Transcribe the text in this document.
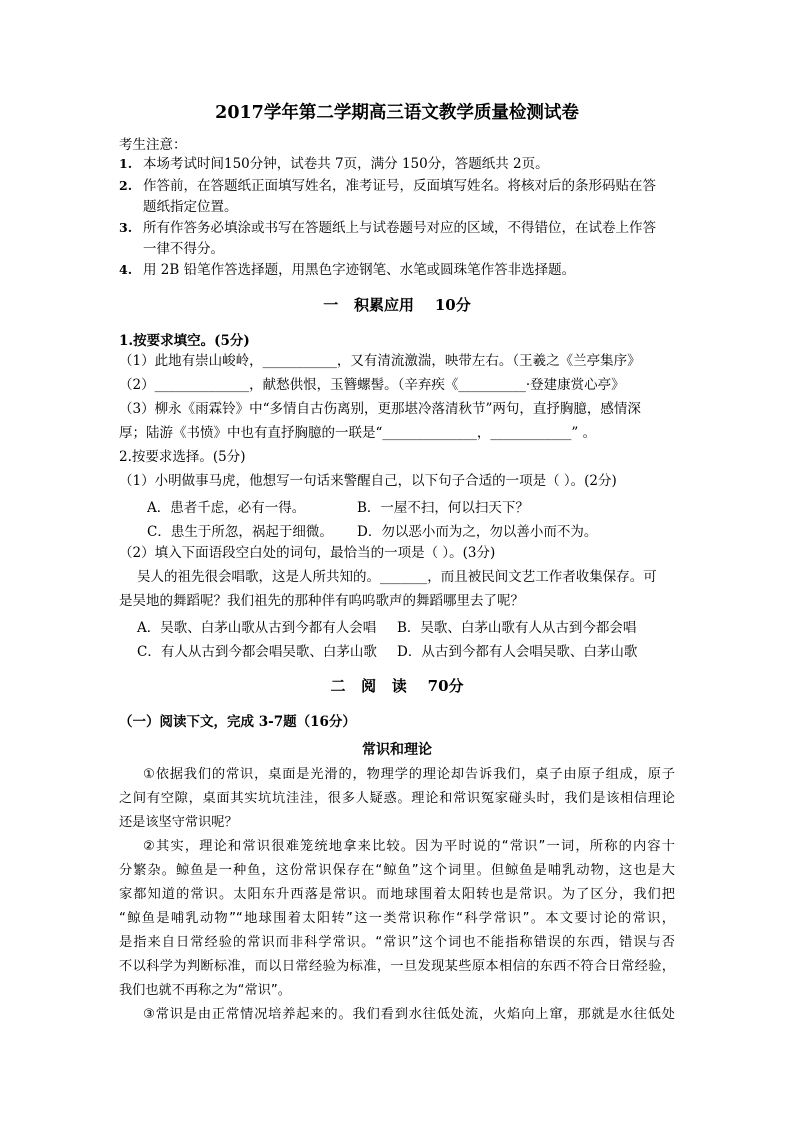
2017学年第二学期高三语文教学质量检测试卷
考生注意：
1. 本场考试时间150分钟，试卷共 7页，满分 150分，答题纸共 2页。
2. 作答前，在答题纸正面填写姓名，准考证号，反面填写姓名。将核对后的条形码贴在答
题纸指定位置。
3. 所有作答务必填涂或书写在答题纸上与试卷题号对应的区域，不得错位，在试卷上作答
一律不得分。
4. 用 2B 铅笔作答选择题，用黑色字迹钢笔、水笔或圆珠笔作答非选择题。
一   积累应用    10分
1.按要求填空。(5分)
（1）此地有崇山峻岭，___________，又有清流激湍，映带左右。（王羲之《兰亭集序》
（2）______________，献愁供恨，玉簪螺髻。（辛弃疾《__________·登建康赏心亭》
（3）柳永《雨霖铃》中“多情自古伤离别，更那堪冷落清秋节”两句，直抒胸臆，感情深
厚；陆游《书愤》中也有直抒胸臆的一联是“______________，____________” 。
2.按要求选择。(5分)
（1）小明做事马虎，他想写一句话来警醒自己，以下句子合适的一项是（ ）。(2分)
A．患者千虑，必有一得。	B．一屋不扫，何以扫天下？
C．患生于所忽，祸起于细微。 D．勿以恶小而为之，勿以善小而不为。
（2）填入下面语段空白处的词句，最恰当的一项是（ ）。(3分)
吴人的祖先很会唱歌，这是人所共知的。_______，而且被民间文艺工作者收集保存。可
是吴地的舞蹈呢？我们祖先的那种伴有呜呜歌声的舞蹈哪里去了呢？
A．吴歌、白茅山歌从古到今都有人会唱 B．吴歌、白茅山歌有人从古到今都会唱
C．有人从古到今都会唱吴歌、白茅山歌 D．从古到今都有人会唱吴歌、白茅山歌
二   阅   读    70分
（一）阅读下文，完成 3-7题（16分）
常识和理论
①依据我们的常识，桌面是光滑的，物理学的理论却告诉我们，桌子由原子组成，原子
之间有空隙，桌面其实坑坑洼洼，很多人疑惑。理论和常识冤家碰头时，我们是该相信理论
还是该坚守常识呢？
②其实，理论和常识很难笼统地拿来比较。因为平时说的“常识”一词，所称的内容十
分繁杂。鲸鱼是一种鱼，这份常识保存在“鲸鱼”这个词里。但鲸鱼是哺乳动物，这也是大
家都知道的常识。太阳东升西落是常识。而地球围着太阳转也是常识。为了区分，我们把
“鲸鱼是哺乳动物”“地球围着太阳转”这一类常识称作“科学常识”。本文要讨论的常识，
是指来自日常经验的常识而非科学常识。“常识”这个词也不能指称错误的东西，错误与否
不以科学为判断标准，而以日常经验为标准，一旦发现某些原本相信的东西不符合日常经验，
我们也就不再称之为“常识”。
③常识是由正常情况培养起来的。我们看到水往低处流，火焰向上窜，那就是水往低处
